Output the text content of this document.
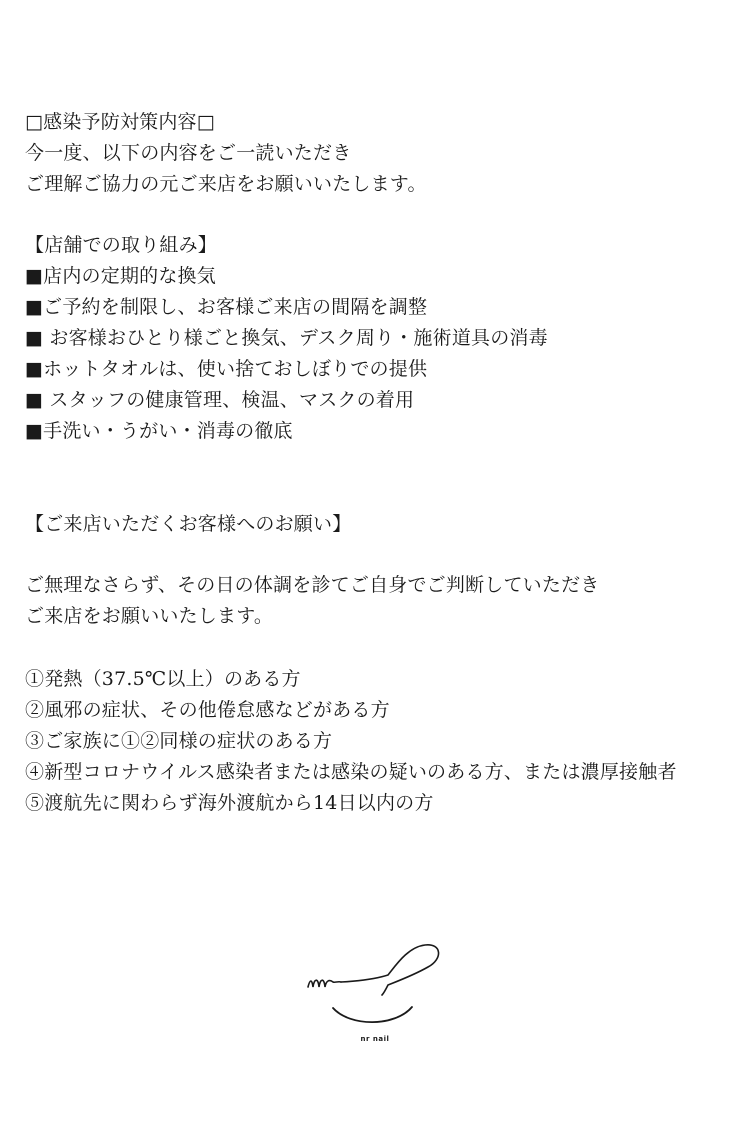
□感染予防対策内容□
今一度、以下の内容をご一読いただき
ご理解ご協力の元ご来店をお願いいたします。
【店舗での取り組み】
■店内の定期的な換気
■ご予約を制限し、お客様ご来店の間隔を調整
■ お客様おひとり様ごと換気、デスク周り・施術道具の消毒
■ホットタオルは、使い捨ておしぼりでの提供
■ スタッフの健康管理、検温、マスクの着用
■手洗い・うがい・消毒の徹底
【ご来店いただくお客様へのお願い】
ご無理なさらず、その日の体調を診てご自身でご判断していただき
ご来店をお願いいたします。
①発熱（37.5℃以上）のある方
②風邪の症状、その他倦怠感などがある方
③ご家族に①②同様の症状のある方
④新型コロナウイルス感染者または感染の疑いのある方、または濃厚接触者
⑤渡航先に関わらず海外渡航から14日以内の方
nr nail
